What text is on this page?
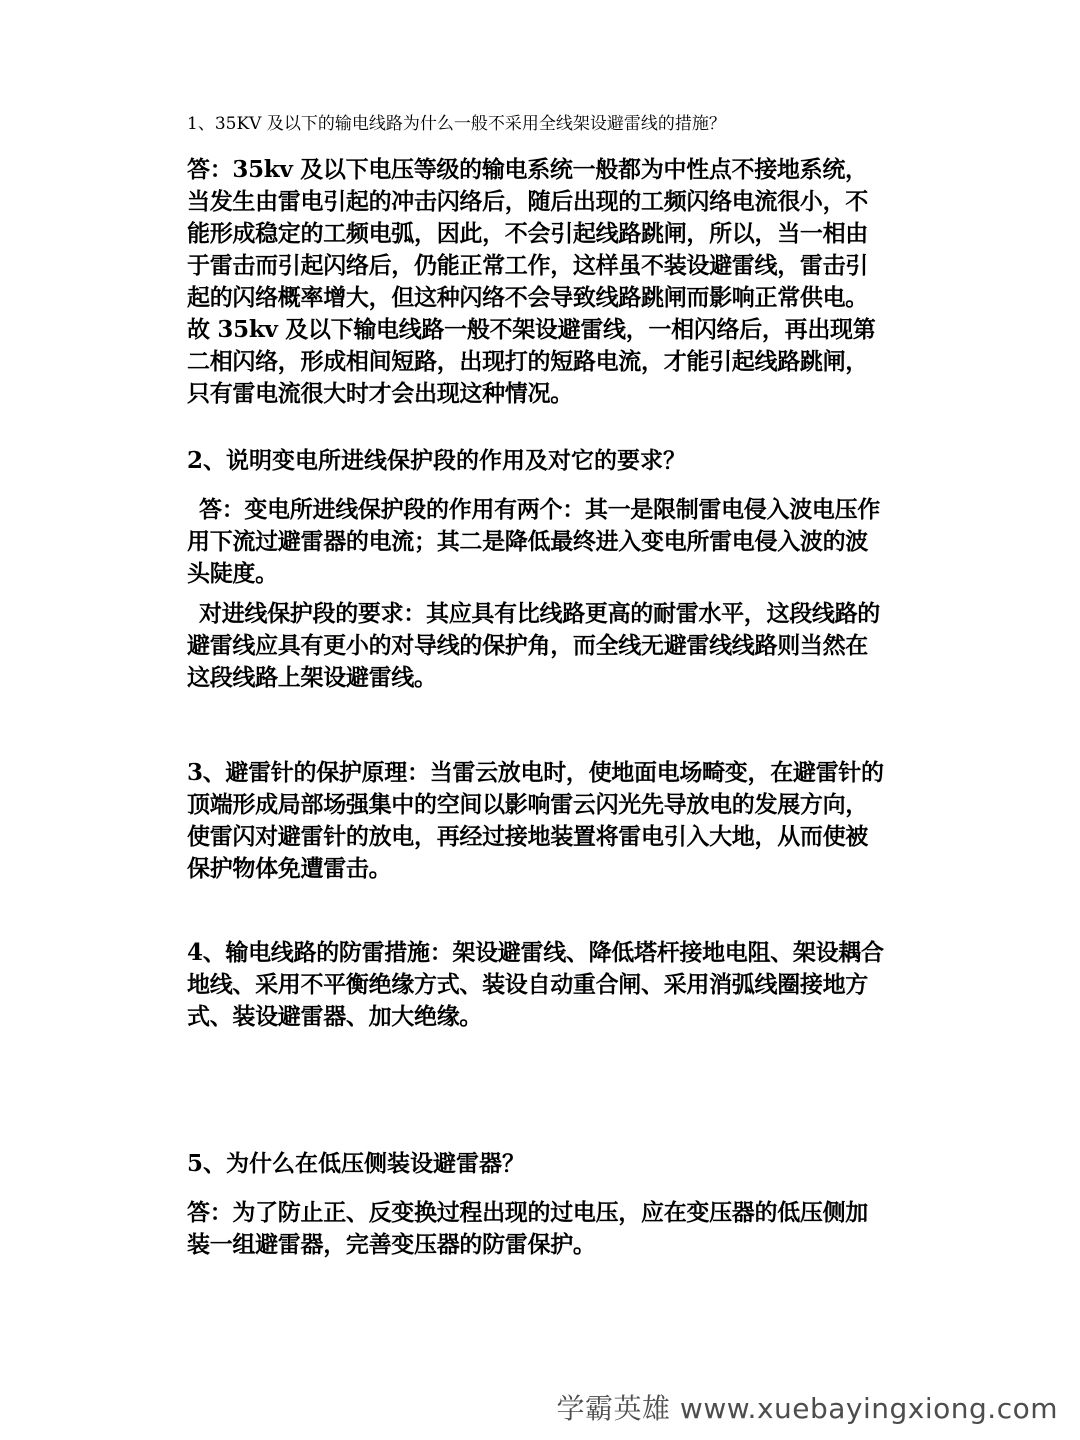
1、35KV 及以下的输电线路为什么一般不采用全线架设避雷线的措施？

答：35kv 及以下电压等级的输电系统一般都为中性点不接地系统，当发生由雷电引起的冲击闪络后，随后出现的工频闪络电流很小，不能形成稳定的工频电弧，因此，不会引起线路跳闸，所以，当一相由于雷击而引起闪络后，仍能正常工作，这样虽不装设避雷线，雷击引起的闪络概率增大，但这种闪络不会导致线路跳闸而影响正常供电。故 35kv 及以下输电线路一般不架设避雷线，一相闪络后，再出现第二相闪络，形成相间短路，出现打的短路电流，才能引起线路跳闸，只有雷电流很大时才会出现这种情况。

2、说明变电所进线保护段的作用及对它的要求？

答：变电所进线保护段的作用有两个：其一是限制雷电侵入波电压作用下流过避雷器的电流；其二是降低最终进入变电所雷电侵入波的波头陡度。

对进线保护段的要求：其应具有比线路更高的耐雷水平，这段线路的避雷线应具有更小的对导线的保护角，而全线无避雷线线路则当然在这段线路上架设避雷线。

3、避雷针的保护原理：当雷云放电时，使地面电场畸变，在避雷针的顶端形成局部场强集中的空间以影响雷云闪光先导放电的发展方向，使雷闪对避雷针的放电，再经过接地装置将雷电引入大地，从而使被保护物体免遭雷击。

4、输电线路的防雷措施：架设避雷线、降低塔杆接地电阻、架设耦合地线、采用不平衡绝缘方式、装设自动重合闸、采用消弧线圈接地方式、装设避雷器、加大绝缘。

5、为什么在低压侧装设避雷器？

答：为了防止正、反变换过程出现的过电压，应在变压器的低压侧加装一组避雷器，完善变压器的防雷保护。

学霸英雄 www.xuebayingxiong.com
